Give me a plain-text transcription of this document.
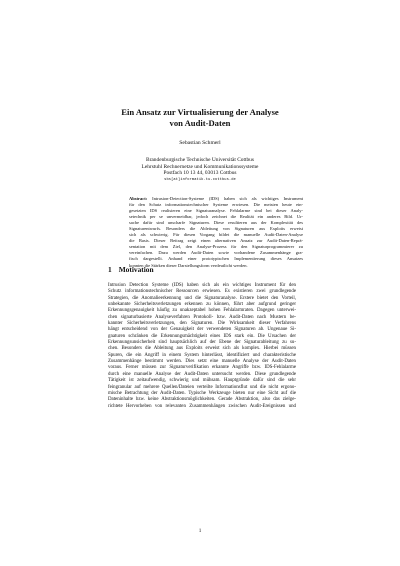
Ein Ansatz zur Virtualisierung der Analyse
von Audit-Daten
Sebastian Schmerl
Brandenburgische Technische Universität Cottbus
Lehrstuhl Rechnernetze und Kommunikationssysteme
Postfach 10 13 44, 03013 Cottbus
sbs[at]informatik.tu-cottbus.de
Abstract: Intrusion-Detection-Systeme (IDS) haben sich als wichtiges Instrument
für den Schutz informationstechnischer Systeme erwiesen. Die meisten heute ein-
gesetzten IDS realisieren eine Signaturanalyse. Fehlalarme sind bei dieser Analy-
setechnik per se unvermeidbar, jedoch zeichnet die Realität ein anderes Bild. Ur-
sache dafür sind unscharfe Signaturen. Diese resultieren aus der Komplexität des
Signaturentwurfs. Besonders die Ableitung von Signaturen aus Exploits erweist
sich als schwierig. Für diesen Vorgang bildet die manuelle Audit-Daten-Analyse
die Basis. Dieser Beitrag zeigt einen alternativen Ansatz zur Audit-Daten-Reprä-
sentation mit dem Ziel, den Analyse-Prozess für den Signaturprogrammierer zu
vereinfachen. Dazu werden Audit-Daten sowie vorhandene Zusammenhänge gra-
fisch dargestellt. Anhand einer prototypischen Implementierung dieses Ansatzes
konnten die Stärken dieser Darstellungsform verdeutlicht werden.
1 Motivation
Intrusion Detection Systeme (IDS) haben sich als ein wichtiges Instrument für den
Schutz informationstechnischer Ressourcen erwiesen. Es existieren zwei grundlegende
Strategien, die Anomalieerkennung und die Signaturanalyse. Erstere bietet den Vorteil,
unbekannte Sicherheitsverletzungen erkennen zu können, führt aber aufgrund geringer
Erkennungsgenauigkeit häufig zu unakzeptabel hohen Fehlalarmraten. Dagegen unterwei-
chen signaturbasierte Analyseverfahren Protokoll- bzw. Audit-Daten nach Mustern be-
kannter Sicherheitsverletzungen, den Signaturen. Die Wirksamkeit dieser Verfahrens
hängt entscheidend von der Genauigkeit der verwendeten Signaturen ab. Ungenaue Si-
gnaturen schränken die Erkennungsmächtigkeit eines IDS stark ein. Die Ursachen der
Erkennungsunsicherheit sind hauptsächlich auf der Ebene der Signaturableitung zu su-
chen. Besonders die Ableitung aus Exploits erweist sich als komplex. Hierbei müssen
Spuren, die ein Angriff in einem System hinterlässt, identifiziert und charakteristische
Zusammenhänge bestimmt werden. Dies setzt eine manuelle Analyse der Audit-Daten
voraus. Ferner müssen zur Signaturverifikation erkannte Angriffe bzw. IDS-Fehlalarme
durch eine manuelle Analyse der Audit-Daten untersucht werden. Diese grundlegende
Tätigkeit ist zeitaufwendig, schwierig und mühsam. Hauptgründe dafür sind die sehr
feingranular auf mehrere Quellen/Dateien verteilte Informationsflut und die nicht ergono-
mische Betrachtung der Audit-Daten. Typische Werkzeuge bieten nur eine Sicht auf die
Dateninhalte bzw. keine Abstraktionsmöglichkeiten. Gerade Abstraktion, also das zielge-
richtete Hervorheben von relevanten Zusammenhängen zwischen Audit-Ereignissen und
1
